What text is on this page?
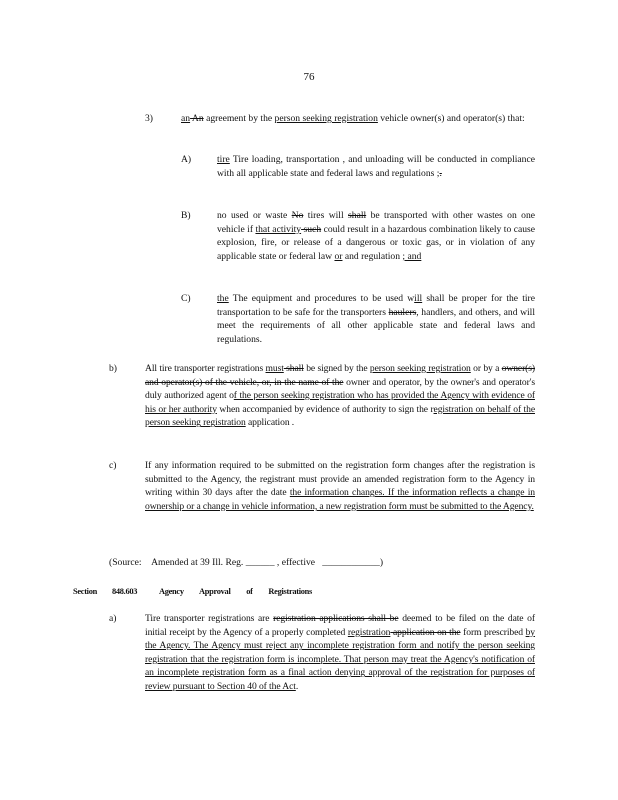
76
3)	an An agreement by the person seeking registration vehicle owner(s) and operator(s) that:
A)	tire Tire loading, transportation , and unloading will be conducted in compliance with all applicable state and federal laws and regulations ;.
B)	no used or waste No tires will shall be transported with other wastes on one vehicle if that activity such could result in a hazardous combination likely to cause explosion, fire, or release of a dangerous or toxic gas, or in violation of any applicable state or federal law or and regulation ; and
C)	the The equipment and procedures to be used will shall be proper for the tire transportation to be safe for the transporters haulers, handlers, and others, and will meet the requirements of all other applicable state and federal laws and regulations.
b)	All tire transporter registrations must shall be signed by the person seeking registration or by a owner(s) and operator(s) of the vehicle, or, in the name of the owner and operator, by the owner's and operator's duly authorized agent of the person seeking registration who has provided the Agency with evidence of his or her authority when accompanied by evidence of authority to sign the registration on behalf of the person seeking registration application .
c)	If any information required to be submitted on the registration form changes after the registration is submitted to the Agency, the registrant must provide an amended registration form to the Agency in writing within 30 days after the date the information changes. If the information reflects a change in ownership or a change in vehicle information, a new registration form must be submitted to the Agency.
(Source: Amended at 39 Ill. Reg. ______ , effective ____________)
Section 848.603	Agency Approval of Registrations
a)	Tire transporter registrations are registration applications shall be deemed to be filed on the date of initial receipt by the Agency of a properly completed registration application on the form prescribed by the Agency. The Agency must reject any incomplete registration form and notify the person seeking registration that the registration form is incomplete. That person may treat the Agency's notification of an incomplete registration form as a final action denying approval of the registration for purposes of review pursuant to Section 40 of the Act.
